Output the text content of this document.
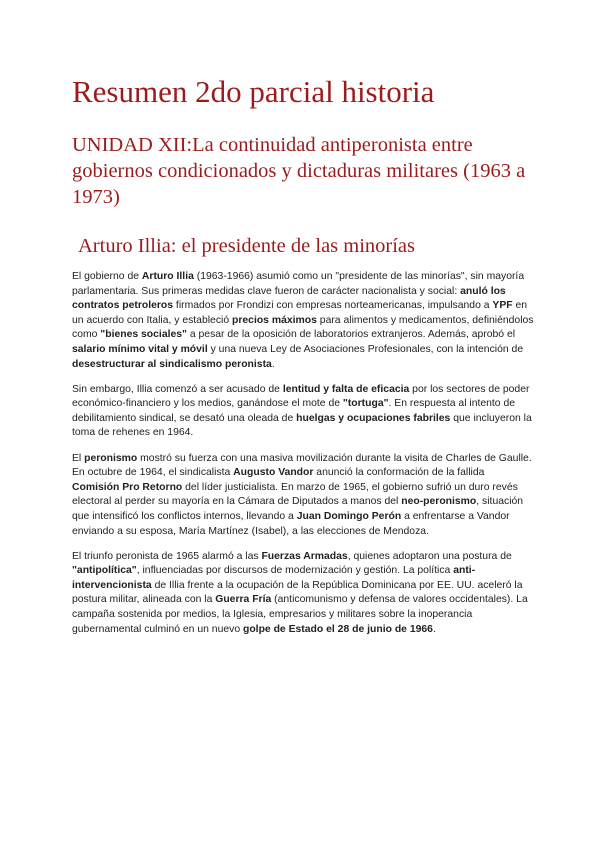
Resumen 2do parcial historia
UNIDAD XII:La continuidad antiperonista entre gobiernos condicionados y dictaduras militares (1963 a 1973)
Arturo Illia: el presidente de las minorías

El gobierno de Arturo Illia (1963-1966) asumió como un "presidente de las minorías", sin mayoría parlamentaria. Sus primeras medidas clave fueron de carácter nacionalista y social: anuló los contratos petroleros firmados por Frondizi con empresas norteamericanas, impulsando a YPF en un acuerdo con Italia, y estableció precios máximos para alimentos y medicamentos, definiéndolos como "bienes sociales" a pesar de la oposición de laboratorios extranjeros. Además, aprobó el salario mínimo vital y móvil y una nueva Ley de Asociaciones Profesionales, con la intención de desestructurar al sindicalismo peronista.

Sin embargo, Illia comenzó a ser acusado de lentitud y falta de eficacia por los sectores de poder económico-financiero y los medios, ganándose el mote de "tortuga". En respuesta al intento de debilitamiento sindical, se desató una oleada de huelgas y ocupaciones fabriles que incluyeron la toma de rehenes en 1964.

El peronismo mostró su fuerza con una masiva movilización durante la visita de Charles de Gaulle. En octubre de 1964, el sindicalista Augusto Vandor anunció la conformación de la fallida Comisión Pro Retorno del líder justicialista. En marzo de 1965, el gobierno sufrió un duro revés electoral al perder su mayoría en la Cámara de Diputados a manos del neo-peronismo, situación que intensificó los conflictos internos, llevando a Juan Domingo Perón a enfrentarse a Vandor enviando a su esposa, María Martínez (Isabel), a las elecciones de Mendoza.

El triunfo peronista de 1965 alarmó a las Fuerzas Armadas, quienes adoptaron una postura de "antipolítica", influenciadas por discursos de modernización y gestión. La política anti-intervencionista de Illia frente a la ocupación de la República Dominicana por EE. UU. aceleró la postura militar, alineada con la Guerra Fría (anticomunismo y defensa de valores occidentales). La campaña sostenida por medios, la Iglesia, empresarios y militares sobre la inoperancia gubernamental culminó en un nuevo golpe de Estado el 28 de junio de 1966.
